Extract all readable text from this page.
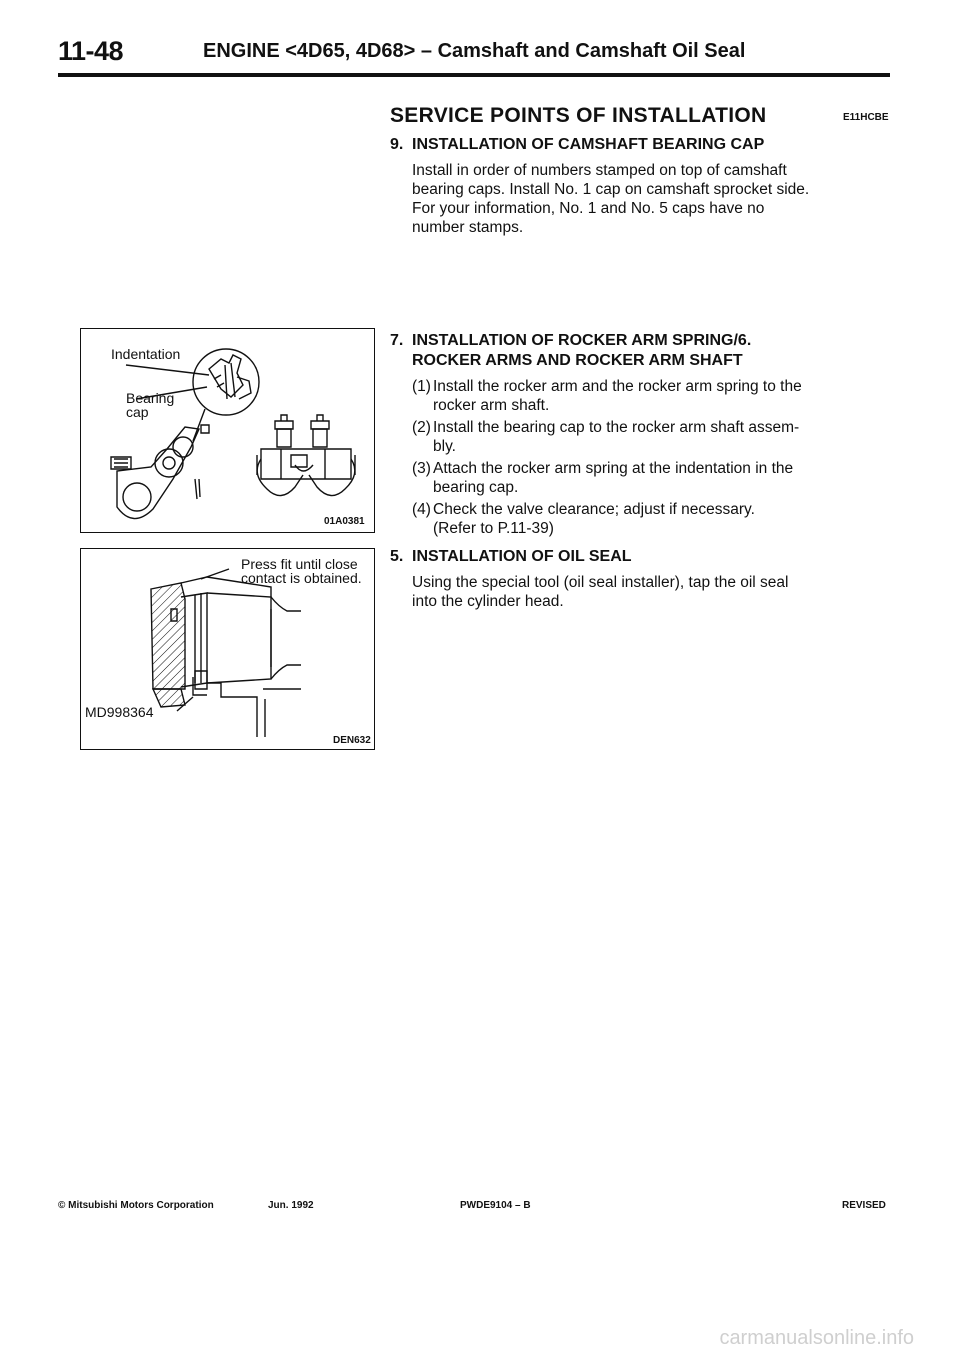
11-48	ENGINE <4D65, 4D68> – Camshaft and Camshaft Oil Seal
SERVICE POINTS OF INSTALLATION	E11HCBE
9. INSTALLATION OF CAMSHAFT BEARING CAP
Install in order of numbers stamped on top of camshaft
bearing caps. Install No. 1 cap on camshaft sprocket side.
For your information, No. 1 and No. 5 caps have no
number stamps.
7. INSTALLATION OF ROCKER ARM SPRING/6.
ROCKER ARMS AND ROCKER ARM SHAFT
(1) Install the rocker arm and the rocker arm spring to the
rocker arm shaft.
(2) Install the bearing cap to the rocker arm shaft assem-
bly.
(3) Attach the rocker arm spring at the indentation in the
bearing cap.
(4) Check the valve clearance; adjust if necessary.
(Refer to P.11-39)
5. INSTALLATION OF OIL SEAL
Using the special tool (oil seal installer), tap the oil seal
into the cylinder head.
Indentation
Bearing
cap
01A0381
Press fit until close
contact is obtained.
MD998364
DEN632
© Mitsubishi Motors Corporation	Jun. 1992	PWDE9104 – B	REVISED
carmanualsonline.info
